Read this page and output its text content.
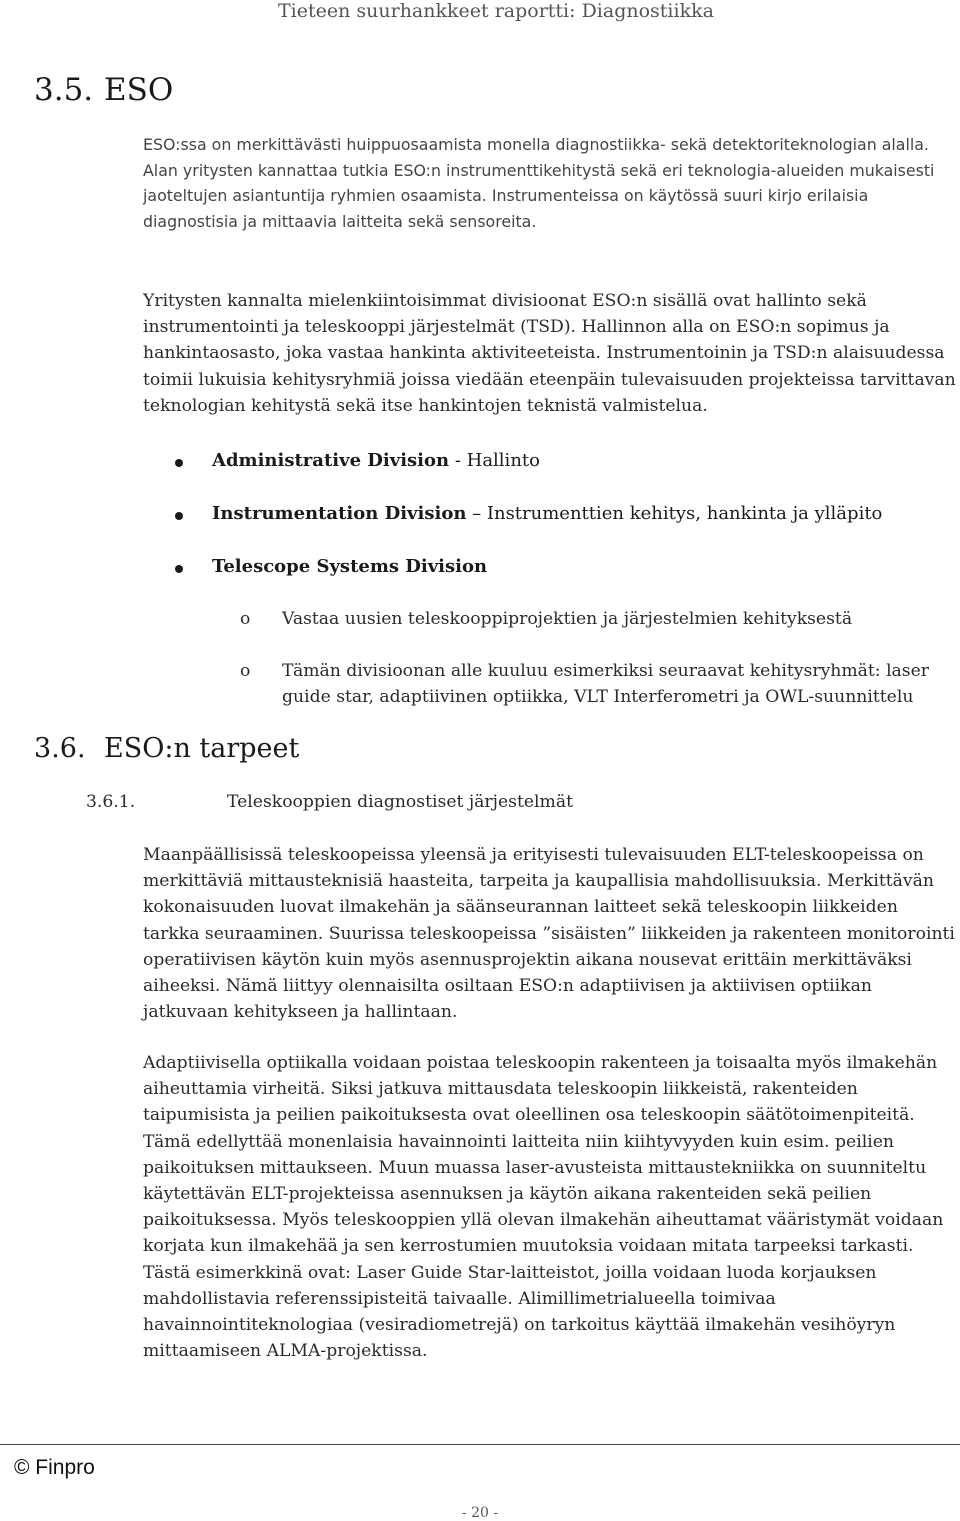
Tieteen suurhankkeet raportti: Diagnostiikka
3.5. ESO
ESO:ssa on merkittävästi huippuosaamista monella diagnostiikka- sekä detektoriteknologian alalla. Alan yritysten kannattaa tutkia ESO:n instrumenttikehitystä sekä eri teknologia-alueiden mukaisesti jaoteltujen asiantuntija ryhmien osaamista. Instrumenteissa on käytössä suuri kirjo erilaisia diagnostisia ja mittaavia laitteita sekä sensoreita.
Yritysten kannalta mielenkiintoisimmat divisioonat ESO:n sisällä ovat hallinto sekä instrumentointi ja teleskooppi järjestelmät (TSD). Hallinnon alla on ESO:n sopimus ja hankintaosasto, joka vastaa hankinta aktiviteeteista. Instrumentoinin ja TSD:n alaisuudessa toimii lukuisia kehitysryhmiä joissa viedään eteenpäin tulevaisuuden projekteissa tarvittavan teknologian kehitystä sekä itse hankintojen teknistä valmistelua.
Administrative Division - Hallinto
Instrumentation Division – Instrumenttien kehitys, hankinta ja ylläpito
Telescope Systems Division
o Vastaa uusien teleskooppiprojektien ja järjestelmien kehityksestä
o Tämän divisioonan alle kuuluu esimerkiksi seuraavat kehitysryhmät: laser guide star, adaptiivinen optiikka, VLT Interferometri ja OWL-suunnittelu
3.6. ESO:n tarpeet
3.6.1.	Teleskooppien diagnostiset järjestelmät
Maanpäällisissä teleskoopeissa yleensä ja erityisesti tulevaisuuden ELT-teleskoopeissa on merkittäviä mittausteknisiä haasteita, tarpeita ja kaupallisia mahdollisuuksia. Merkittävän kokonaisuuden luovat ilmakehän ja säänseurannan laitteet sekä teleskoopin liikkeiden tarkka seuraaminen. Suurissa teleskoopeissa ”sisäisten” liikkeiden ja rakenteen monitorointi operatiivisen käytön kuin myös asennusprojektin aikana nousevat erittäin merkittäväksi aiheeksi. Nämä liittyy olennaisilta osiltaan ESO:n adaptiivisen ja aktiivisen optiikan jatkuvaan kehitykseen ja hallintaan.
Adaptiivisella optiikalla voidaan poistaa teleskoopin rakenteen ja toisaalta myös ilmakehän aiheuttamia virheitä. Siksi jatkuva mittausdata teleskoopin liikkeistä, rakenteiden taipumisista ja peilien paikoituksesta ovat oleellinen osa teleskoopin säätötoimenpiteitä. Tämä edellyttää monenlaisia havainnointi laitteita niin kiihtyvyyden kuin esim. peilien paikoituksen mittaukseen. Muun muassa laser-avusteista mittaustekniikka on suunniteltu käytettävän ELT-projekteissa asennuksen ja käytön aikana rakenteiden sekä peilien paikoituksessa. Myös teleskooppien yllä olevan ilmakehän aiheuttamat vääristymät voidaan korjata kun ilmakehää ja sen kerrostumien muutoksia voidaan mitata tarpeeksi tarkasti. Tästä esimerkkinä ovat: Laser Guide Star-laitteistot, joilla voidaan luoda korjauksen mahdollistavia referenssipisteitä taivaalle. Alimillimetrialueella toimivaa havainnointiteknologiaa (vesiradiometrejä) on tarkoitus käyttää ilmakehän vesihöyryn mittaamiseen ALMA-projektissa.
© Finpro
- 20 -
